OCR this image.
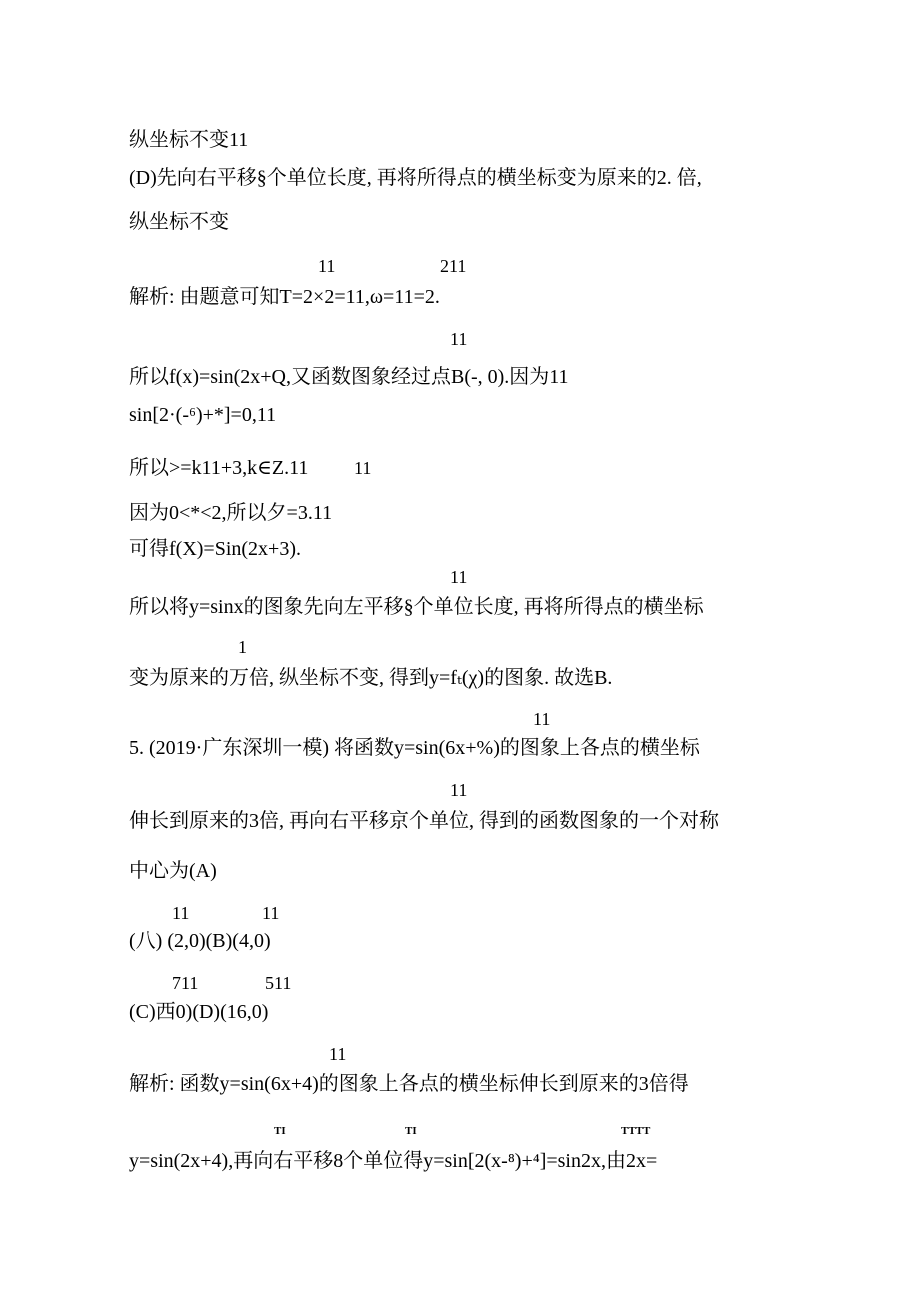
纵坐标不变11
(D)先向右平移§个单位长度, 再将所得点的横坐标变为原来的2. 倍,
纵坐标不变
11	211
解析: 由题意可知T=2×2=11,ω=11=2.
11
所以f(x)=sin(2x+Q,又函数图象经过点B(-, 0).因为11
sin[2·(-⁶)+*]=0,11
所以>=k11+3,k∈Z.11	11
因为0<*<2,所以夕=3.11
可得f(X)=Sin(2x+3).
11
所以将y=sinx的图象先向左平移§个单位长度, 再将所得点的横坐标
1
变为原来的万倍, 纵坐标不变, 得到y=fₜ(χ)的图象. 故选B.
11
5. (2019·广东深圳一模) 将函数y=sin(6x+%)的图象上各点的横坐标
11
伸长到原来的3倍, 再向右平移京个单位, 得到的函数图象的一个对称
中心为(A)
11	11
(八) (2,0)(B)(4,0)
711	511
(C)西0)(D)(16,0)
11
解析: 函数y=sin(6x+4)的图象上各点的横坐标伸长到原来的3倍得
TI	TI	TTTT
y=sin(2x+4),再向右平移8个单位得y=sin[2(x-⁸)+⁴]=sin2x,由2x=
